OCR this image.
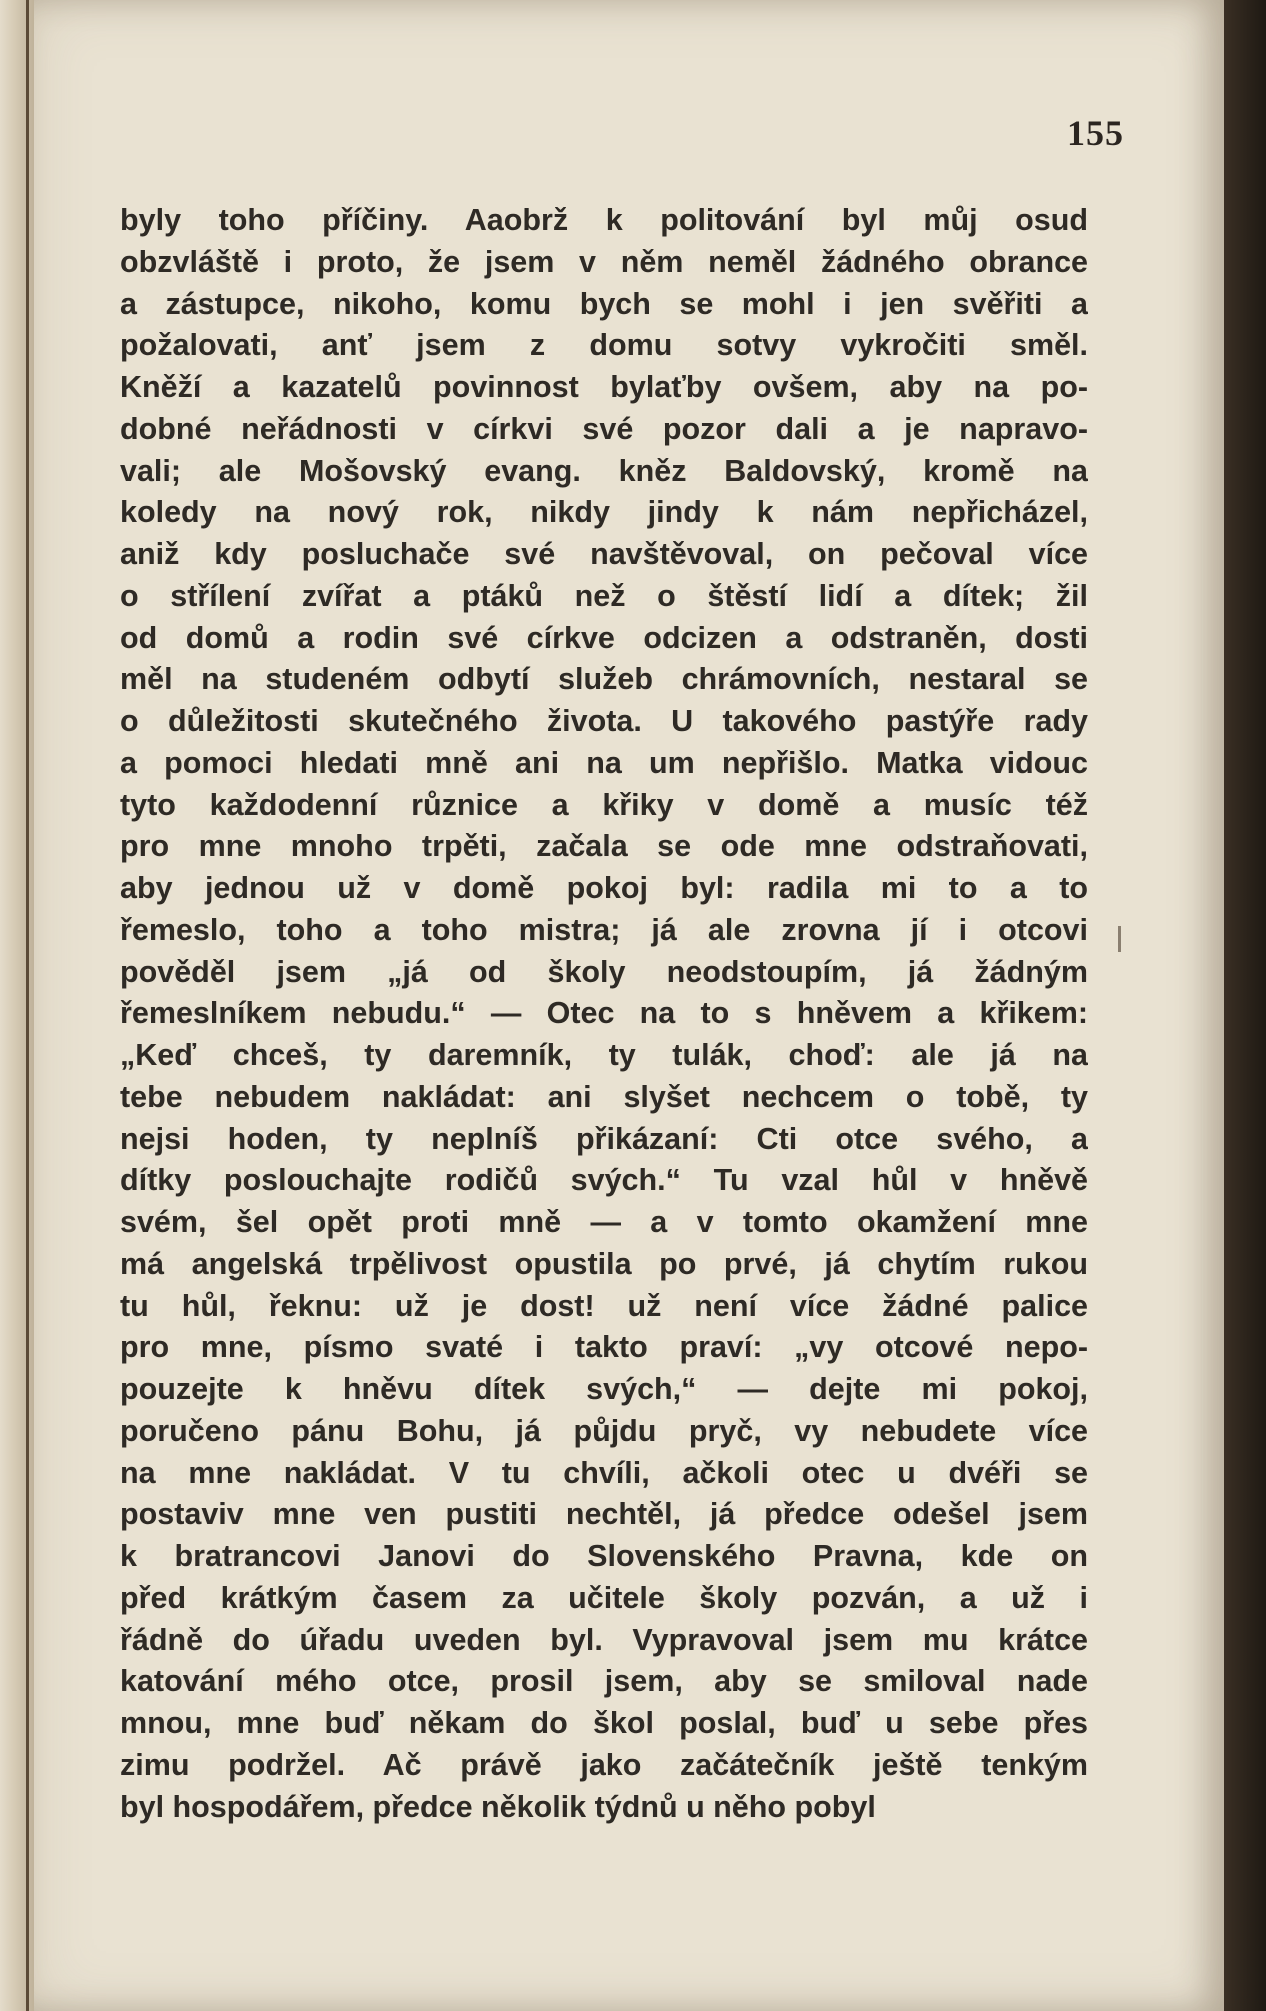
155
byly toho příčiny. Aaobrž k politování byl můj osud
obzvláště i proto, že jsem v něm neměl žádného obrance
a zástupce, nikoho, komu bych se mohl i jen svěřiti a
požalovati, anť jsem z domu sotvy vykročiti směl.
Kněží a kazatelů povinnost bylaťby ovšem, aby na po-
dobné neřádnosti v církvi své pozor dali a je napravo-
vali; ale Mošovský evang. kněz Baldovský, kromě na
koledy na nový rok, nikdy jindy k nám nepřicházel,
aniž kdy posluchače své navštěvoval, on pečoval více
o střílení zvířat a ptáků než o štěstí lidí a dítek; žil
od domů a rodin své církve odcizen a odstraněn, dosti
měl na studeném odbytí služeb chrámovních, nestaral se
o důležitosti skutečného života. U takového pastýře rady
a pomoci hledati mně ani na um nepřišlo. Matka vidouc
tyto každodenní různice a křiky v domě a musíc též
pro mne mnoho trpěti, začala se ode mne odstraňovati,
aby jednou už v domě pokoj byl: radila mi to a to
řemeslo, toho a toho mistra; já ale zrovna jí i otcovi
pověděl jsem „já od školy neodstoupím, já žádným
řemeslníkem nebudu.“ — Otec na to s hněvem a křikem:
„Keď chceš, ty daremník, ty tulák, choď: ale já na
tebe nebudem nakládat: ani slyšet nechcem o tobě, ty
nejsi hoden, ty neplníš přikázaní: Cti otce svého, a
dítky poslouchajte rodičů svých.“ Tu vzal hůl v hněvě
svém, šel opět proti mně — a v tomto okamžení mne
má angelská trpělivost opustila po prvé, já chytím rukou
tu hůl, řeknu: už je dost! už není více žádné palice
pro mne, písmo svaté i takto praví: „vy otcové nepo-
pouzejte k hněvu dítek svých,“ — dejte mi pokoj,
poručeno pánu Bohu, já půjdu pryč, vy nebudete více
na mne nakládat. V tu chvíli, ačkoli otec u dvéři se
postaviv mne ven pustiti nechtěl, já předce odešel jsem
k bratrancovi Janovi do Slovenského Pravna, kde on
před krátkým časem za učitele školy pozván, a už i
řádně do úřadu uveden byl. Vypravoval jsem mu krátce
katování mého otce, prosil jsem, aby se smiloval nade
mnou, mne buď někam do škol poslal, buď u sebe přes
zimu podržel. Ač právě jako začátečník ještě tenkým
byl hospodářem, předce několik týdnů u něho pobyl
